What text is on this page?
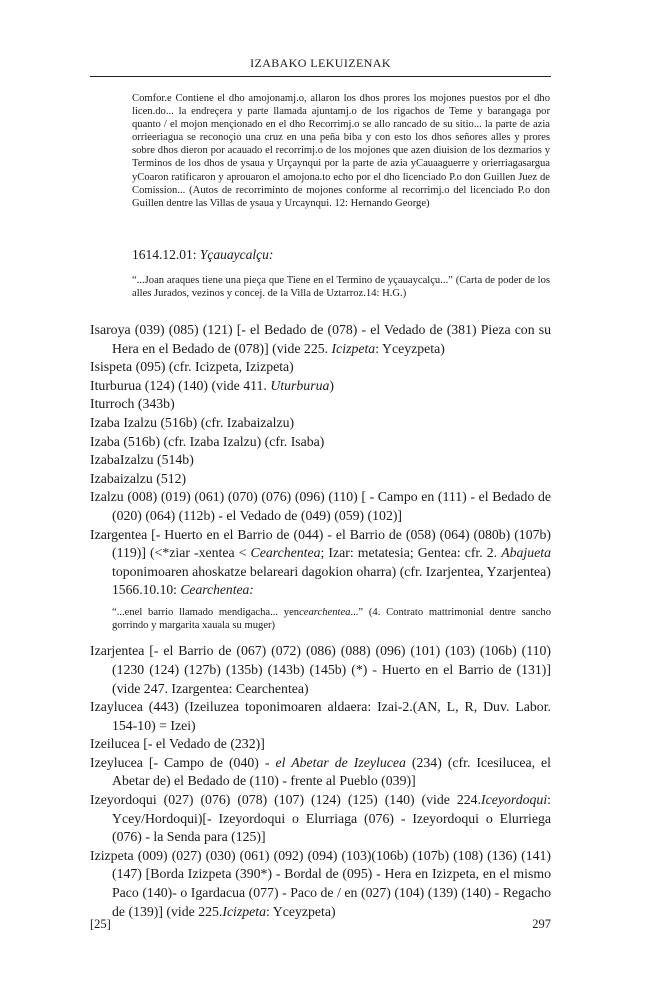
IZABAKO LEKUIZENAK
Comfor.e Contiene el dho amojonamj.o, allaron los dhos prores los mojones puestos por el dho licen.do... la endreçera y parte llamada ajuntamj.o de los rigachos de Teme y barangaga por quanto / el mojon mençionado en el dho Recorrimj.o se allo rancado de su sitio... la parte de azia orrieeriagua se reconoçio una cruz en una peña biba y con esto los dhos señores alles y prores sobre dhos dieron por acauado el recorrimj.o de los mojones que azen diuision de los dezmarios y Terminos de los dhos de ysaua y Urçaynqui por la parte de azia yCauaaguerre y orierriagasargua yCoaron ratificaron y aprouaron el amojona.to echo por el dho licenciado P.o don Guillen Juez de Comission... (Autos de recorriminto de mojones conforme al recorrimj.o del licenciado P.o don Guillen dentre las Villas de ysaua y Urcaynqui. 12: Hernando George)
1614.12.01: Yçauaycalçu:
“...Joan araques tiene una pieça que Tiene en el Termino de yçauaycalçu...” (Carta de poder de los alles Jurados, vezinos y concej. de la Villa de Uztarroz.14: H.G.)

Isaroya (039) (085) (121) [- el Bedado de (078) - el Vedado de (381) Pieza con su Hera en el Bedado de (078)] (vide 225. Icizpeta: Yceyzpeta)

Isispeta (095) (cfr. Icizpeta, Izizpeta)

Iturburua (124) (140) (vide 411. Uturburua)

Iturroch (343b)

Izaba Izalzu (516b) (cfr. Izabaizalzu)

Izaba (516b) (cfr. Izaba Izalzu) (cfr. Isaba)

IzabaIzalzu (514b)

Izabaizalzu (512)

Izalzu (008) (019) (061) (070) (076) (096) (110) [ - Campo en (111) - el Bedado de (020) (064) (112b) - el Vedado de (049) (059) (102)]

Izargentea [- Huerto en el Barrio de (044) - el Barrio de (058) (064) (080b) (107b) (119)] (<*ziar -xentea < Cearchentea; Izar: metatesia; Gentea: cfr. 2. Abajueta toponimoaren ahoskatze belareari dagokion oharra) (cfr. Izarjentea, Yzarjentea)

1566.10.10: Cearchentea:

“...enel barrio llamado mendigacha... yencearchentea...” (4. Contrato mattrimonial dentre sancho gorrindo y margarita xauala su muger)

Izarjentea [- el Barrio de (067) (072) (086) (088) (096) (101) (103) (106b) (110) (1230 (124) (127b) (135b) (143b) (145b) (*) - Huerto en el Barrio de (131)] (vide 247. Izargentea: Cearchentea)

Izaylucea (443) (Izeiluzea toponimoaren aldaera: Izai-2.(AN, L, R, Duv. Labor. 154-10) = Izei)

Izeilucea [- el Vedado de (232)]

Izeylucea [- Campo de (040) - el Abetar de Izeylucea (234) (cfr. Icesilucea, el Abetar de) el Bedado de (110) - frente al Pueblo (039)]

Izeyordoqui (027) (076) (078) (107) (124) (125) (140) (vide 224.Iceyordoqui: Ycey/Hordoqui)[- Izeyordoqui o Elurriaga (076) - Izeyordoqui o Elurriega (076) - la Senda para (125)]

Izizpeta (009) (027) (030) (061) (092) (094) (103)(106b) (107b) (108) (136) (141) (147) [Borda Izizpeta (390*) - Bordal de (095) - Hera en Izizpeta, en el mismo Paco (140)- o Igardacua (077) - Paco de / en (027) (104) (139) (140) - Regacho de (139)] (vide 225.Icizpeta: Yceyzpeta)

[25]	297
